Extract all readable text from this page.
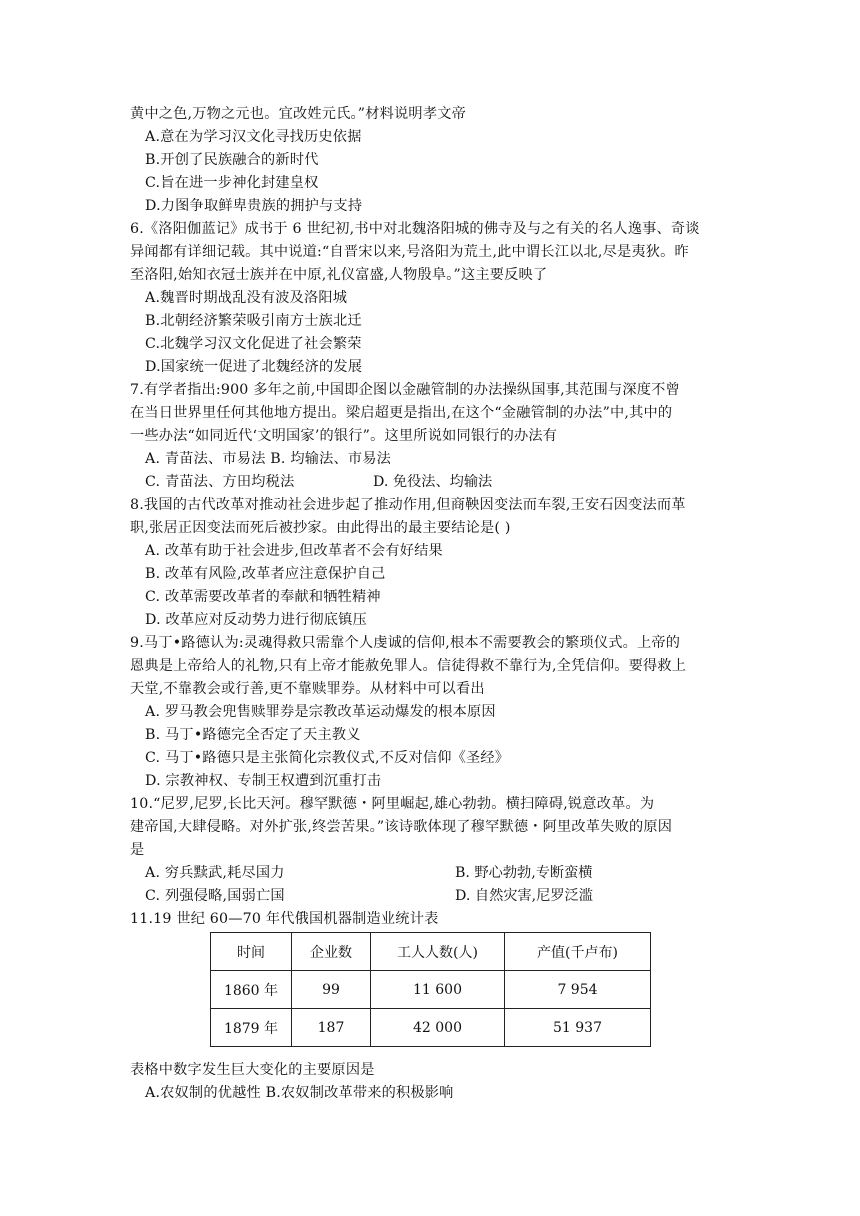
黄中之色,万物之元也。宜改姓元氏。”材料说明孝文帝
A.意在为学习汉文化寻找历史依据
B.开创了民族融合的新时代
C.旨在进一步神化封建皇权
D.力图争取鲜卑贵族的拥护与支持
6.《洛阳伽蓝记》成书于 6 世纪初,书中对北魏洛阳城的佛寺及与之有关的名人逸事、奇谈
异闻都有详细记载。其中说道:“自晋宋以来,号洛阳为荒土,此中谓长江以北,尽是夷狄。昨
至洛阳,始知衣冠士族并在中原,礼仪富盛,人物殷阜。”这主要反映了
A.魏晋时期战乱没有波及洛阳城
B.北朝经济繁荣吸引南方士族北迁
C.北魏学习汉文化促进了社会繁荣
D.国家统一促进了北魏经济的发展
7.有学者指出:900 多年之前,中国即企图以金融管制的办法操纵国事,其范围与深度不曾
在当日世界里任何其他地方提出。梁启超更是指出,在这个“金融管制的办法”中,其中的
一些办法“如同近代‘文明国家’的银行”。这里所说如同银行的办法有
A. 青苗法、市易法 B. 均输法、市易法
C. 青苗法、方田均税法	D. 免役法、均输法
8.我国的古代改革对推动社会进步起了推动作用,但商鞅因变法而车裂,王安石因变法而革
职,张居正因变法而死后被抄家。由此得出的最主要结论是( )
A. 改革有助于社会进步,但改革者不会有好结果
B. 改革有风险,改革者应注意保护自己
C. 改革需要改革者的奉献和牺牲精神
D. 改革应对反动势力进行彻底镇压
9.马丁•路德认为:灵魂得救只需靠个人虔诚的信仰,根本不需要教会的繁琐仪式。上帝的
恩典是上帝给人的礼物,只有上帝才能赦免罪人。信徒得救不靠行为,全凭信仰。要得救上
天堂,不靠教会或行善,更不靠赎罪券。从材料中可以看出
A. 罗马教会兜售赎罪券是宗教改革运动爆发的根本原因
B. 马丁•路德完全否定了天主教义
C. 马丁•路德只是主张简化宗教仪式,不反对信仰《圣经》
D. 宗教神权、专制王权遭到沉重打击
10.“尼罗,尼罗,长比天河。穆罕默德・阿里崛起,雄心勃勃。横扫障碍,锐意改革。为
建帝国,大肆侵略。对外扩张,终尝苦果。”该诗歌体现了穆罕默德・阿里改革失败的原因
是
A. 穷兵黩武,耗尽国力	B. 野心勃勃,专断蛮横
C. 列强侵略,国弱亡国	D. 自然灾害,尼罗泛滥
11.19 世纪 60—70 年代俄国机器制造业统计表
时间	企业数	工人人数(人)	产值(千卢布)
1860 年	99	11 600	7 954
1879 年	187	42 000	51 937
表格中数字发生巨大变化的主要原因是
A.农奴制的优越性 B.农奴制改革带来的积极影响
